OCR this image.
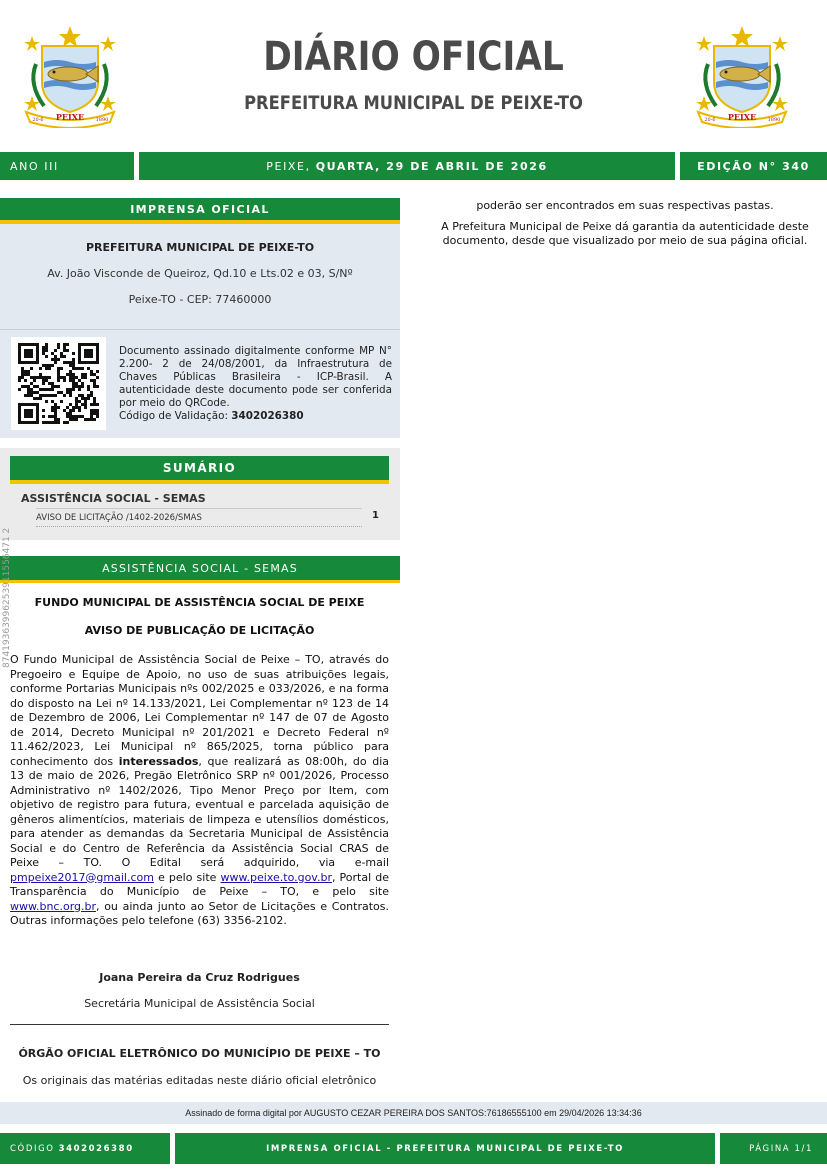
PEIXE
20-6	1890
DIÁRIO OFICIAL
PREFEITURA MUNICIPAL DE PEIXE-TO
PEIXE
20-6	1890
ANO III	PEIXE, QUARTA, 29 DE ABRIL DE 2026	EDIÇÃO N° 340
IMPRENSA OFICIAL
PREFEITURA MUNICIPAL DE PEIXE-TO
Av. João Visconde de Queiroz, Qd.10 e Lts.02 e 03, S/Nº
Peixe-TO - CEP: 77460000
Documento assinado digitalmente conforme MP N° 2.200- 2 de 24/08/2001, da Infraestrutura de Chaves Públicas Brasileira - ICP-Brasil. A autenticidade deste documento pode ser conferida por meio do QRCode.
Código de Validação: 3402026380
SUMÁRIO
ASSISTÊNCIA SOCIAL - SEMAS
AVISO DE LICITAÇÃO /1402-2026/SMAS	1
ASSISTÊNCIA SOCIAL - SEMAS
87419363996253911556471 2	FUNDO MUNICIPAL DE ASSISTÊNCIA SOCIAL DE PEIXE
AVISO DE PUBLICAÇÃO DE LICITAÇÃO
O Fundo Municipal de Assistência Social de Peixe – TO, através do Pregoeiro e Equipe de Apoio, no uso de suas atribuições legais, conforme Portarias Municipais nºs 002/2025 e 033/2026, e na forma do disposto na Lei nº 14.133/2021, Lei Complementar nº 123 de 14 de Dezembro de 2006, Lei Complementar nº 147 de 07 de Agosto de 2014, Decreto Municipal nº 201/2021 e Decreto Federal nº 11.462/2023, Lei Municipal nº 865/2025, torna público para conhecimento dos interessados, que realizará as 08:00h, do dia 13 de maio de 2026, Pregão Eletrônico SRP nº 001/2026, Processo Administrativo nº 1402/2026, Tipo Menor Preço por Item, com objetivo de registro para futura, eventual e parcelada aquisição de gêneros alimentícios, materiais de limpeza e utensílios domésticos, para atender as demandas da Secretaria Municipal de Assistência Social e do Centro de Referência da Assistência Social CRAS de Peixe – TO. O Edital será adquirido, via e-mail pmpeixe2017@gmail.com e pelo site www.peixe.to.gov.br, Portal de Transparência do Município de Peixe – TO, e pelo site www.bnc.org.br, ou ainda junto ao Setor de Licitações e Contratos. Outras informações pelo telefone (63) 3356-2102.
Joana Pereira da Cruz Rodrigues
Secretária Municipal de Assistência Social
ÓRGÃO OFICIAL ELETRÔNICO DO MUNICÍPIO DE PEIXE – TO
Os originais das matérias editadas neste diário oficial eletrônico

poderão ser encontrados em suas respectivas pastas.

A Prefeitura Municipal de Peixe dá garantia da autenticidade deste documento, desde que visualizado por meio de sua página oficial.

Assinado de forma digital por AUGUSTO CEZAR PEREIRA DOS SANTOS:76186555100 em 29/04/2026 13:34:36
CÓDIGO 3402026380	IMPRENSA OFICIAL - PREFEITURA MUNICIPAL DE PEIXE-TO	PÁGINA 1/1
